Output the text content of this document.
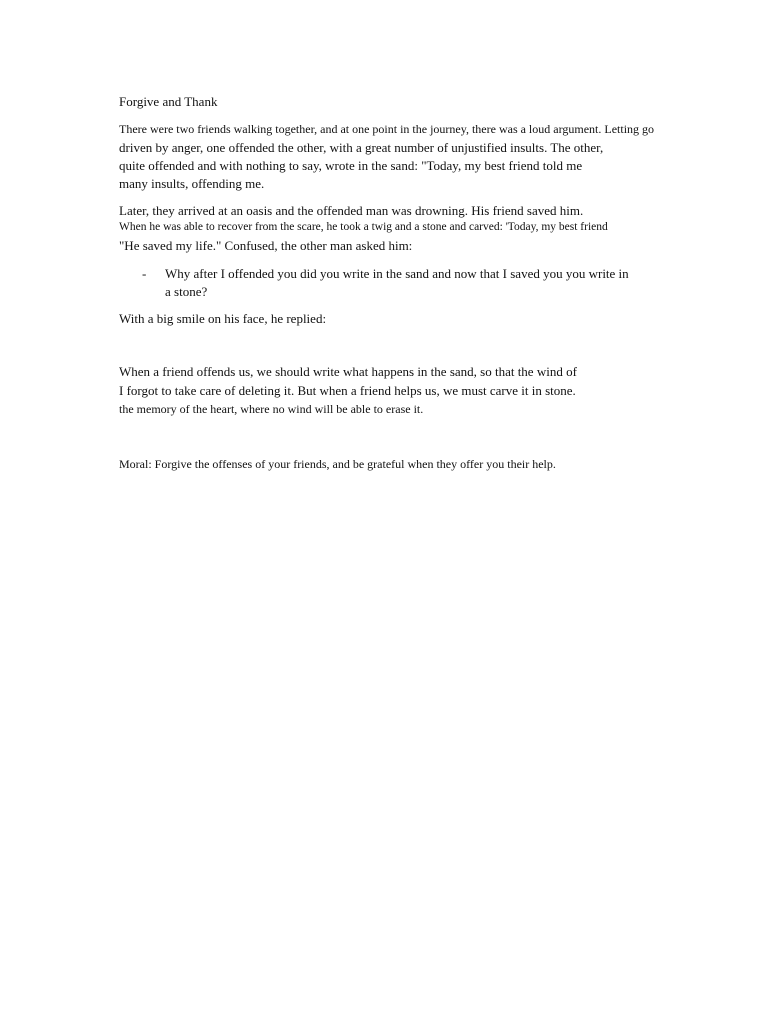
Forgive and Thank
There were two friends walking together, and at one point in the journey, there was a loud argument. Letting go
driven by anger, one offended the other, with a great number of unjustified insults. The other,
quite offended and with nothing to say, wrote in the sand: "Today, my best friend told me
many insults, offending me.
Later, they arrived at an oasis and the offended man was drowning. His friend saved him.
When he was able to recover from the scare, he took a twig and a stone and carved: 'Today, my best friend
"He saved my life." Confused, the other man asked him:
- Why after I offended you did you write in the sand and now that I saved you you write in
a stone?
With a big smile on his face, he replied:
When a friend offends us, we should write what happens in the sand, so that the wind of
I forgot to take care of deleting it. But when a friend helps us, we must carve it in stone.
the memory of the heart, where no wind will be able to erase it.
Moral: Forgive the offenses of your friends, and be grateful when they offer you their help.
